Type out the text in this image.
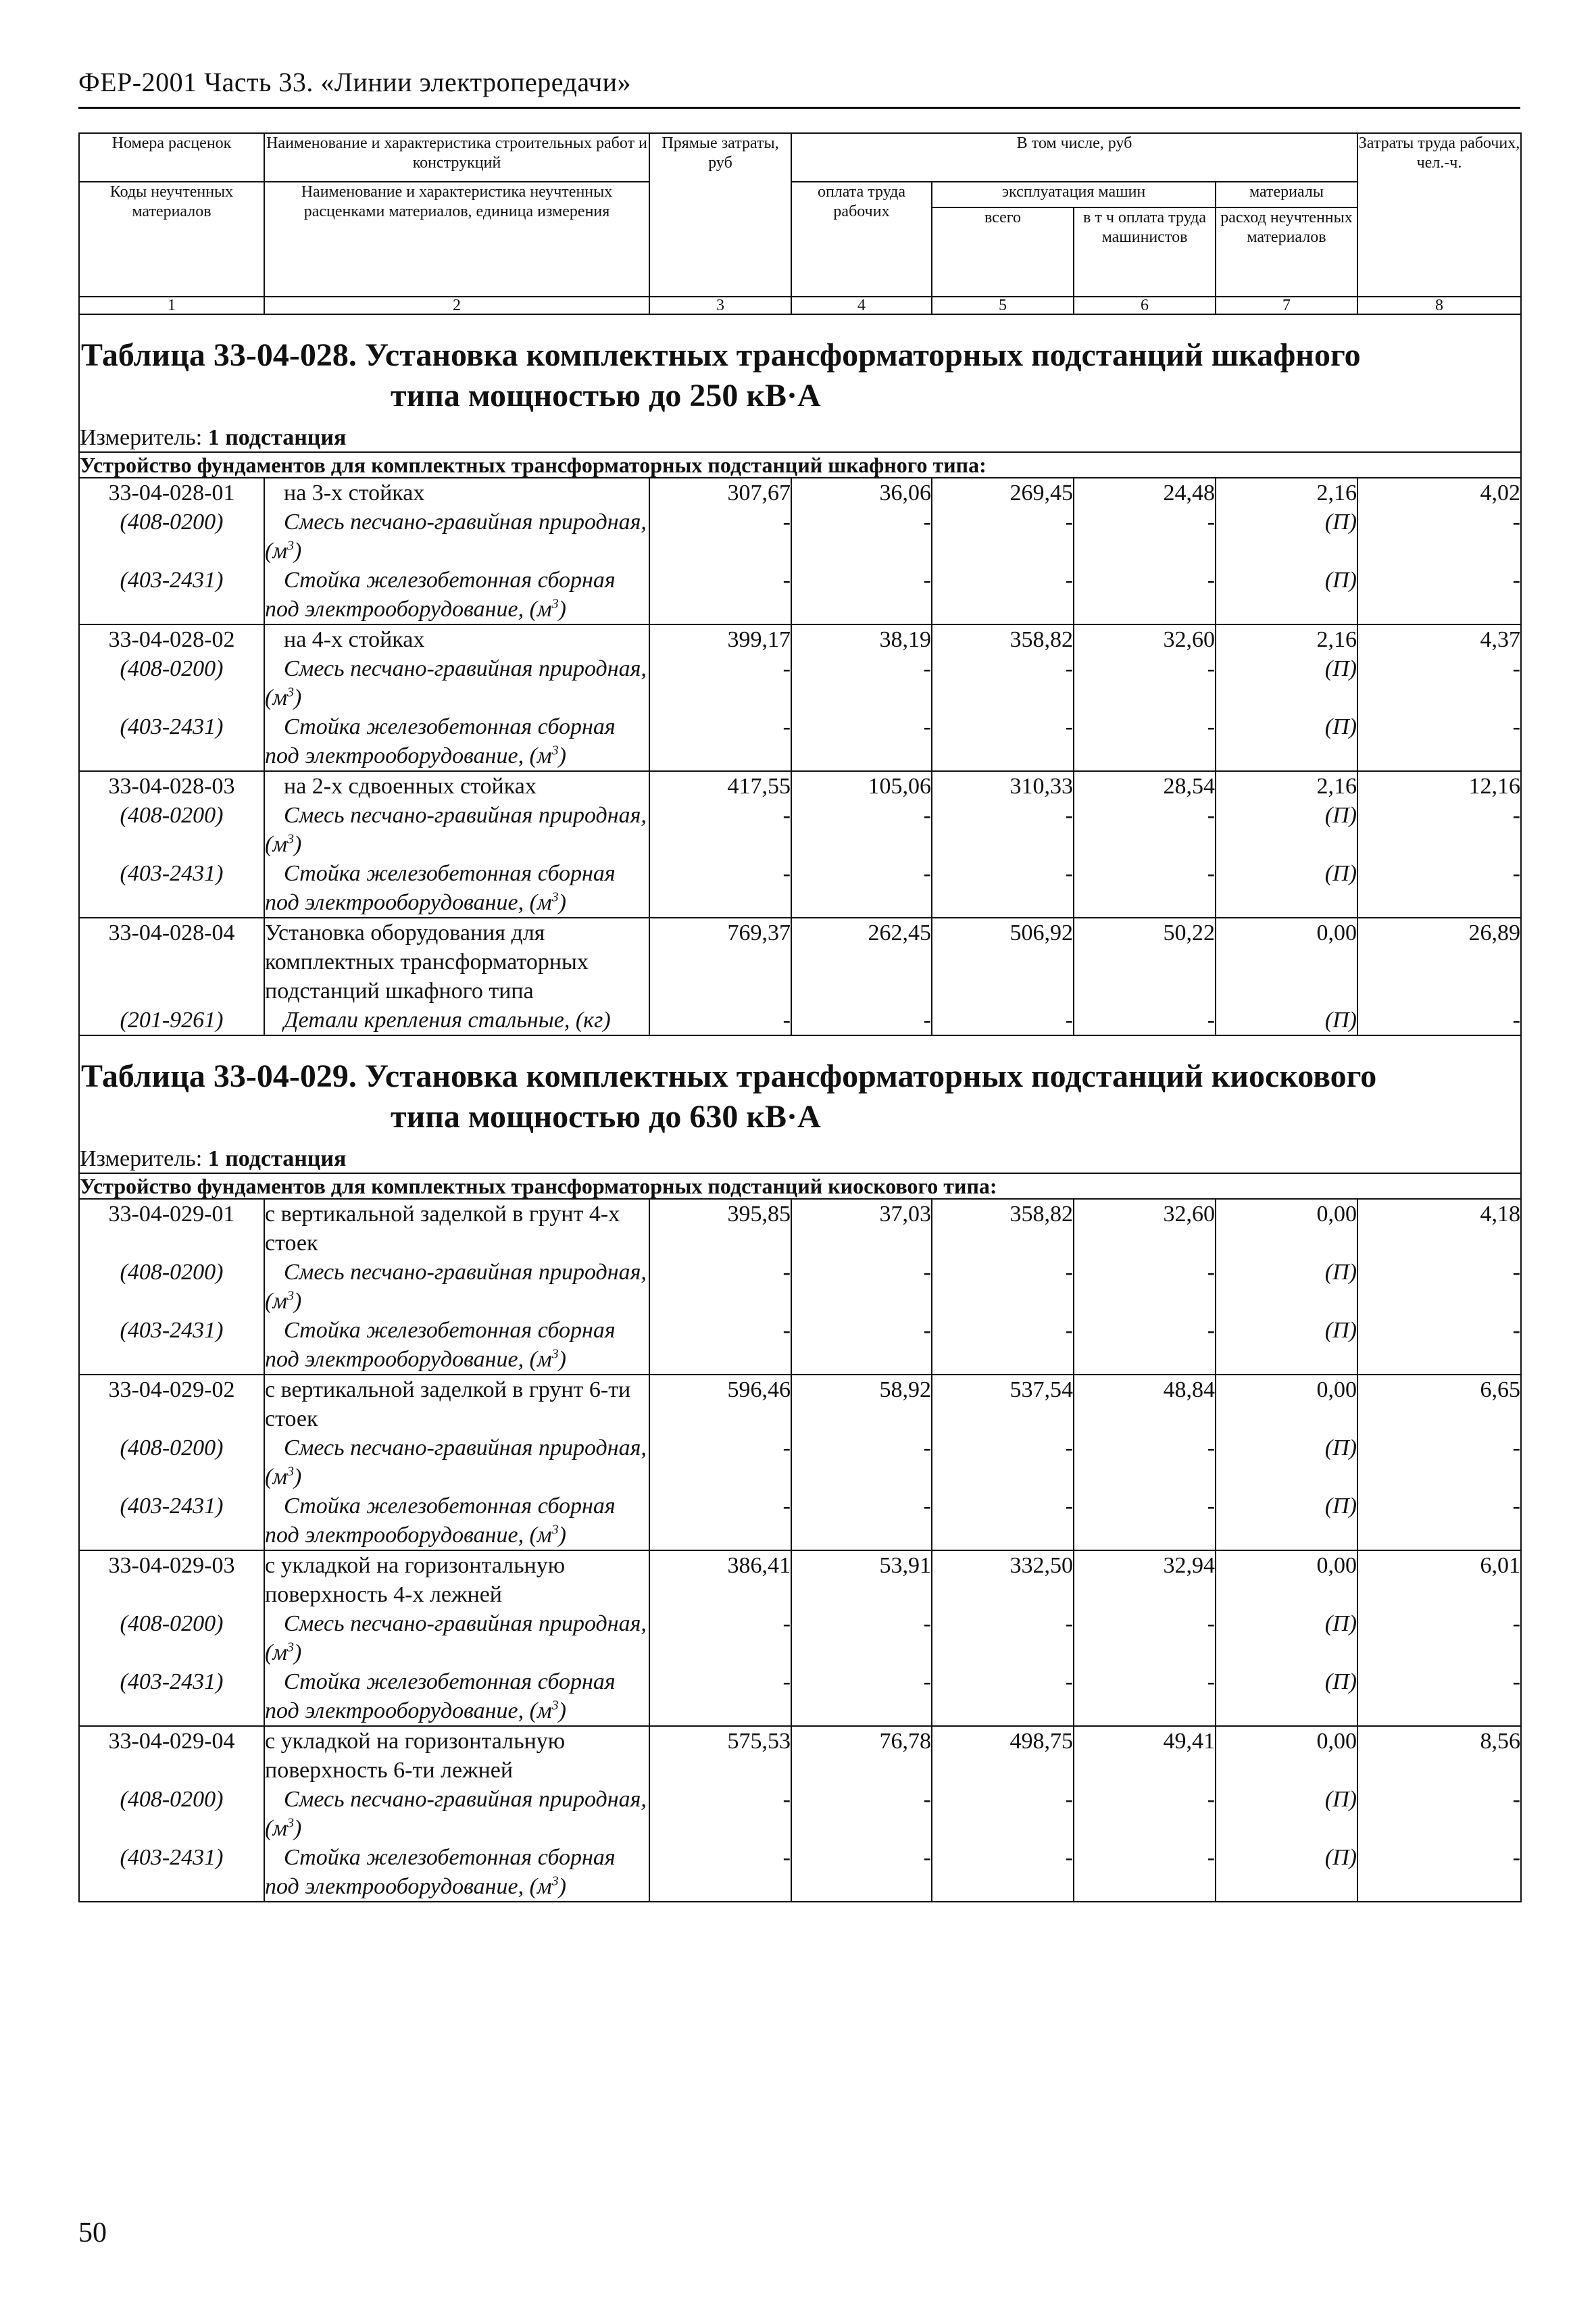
ФЕР-2001 Часть 33. «Линии электропередачи»
Номера расценок	Наименование и характеристика строительных работ и конструкций	Прямые затраты, руб	В том числе, руб				Затраты труда рабочих, чел.-ч.
Коды неучтенных материалов	Наименование и характеристика неучтенных расценками материалов, единица измерения		оплата труда рабочих	эксплуатация машин		материалы	
				всего	в т ч оплата труда машинистов	расход неучтенных материалов	
1	2	3	4	5	6	7	8

Таблица 33-04-028. Установка комплектных трансформаторных подстанций шкафного
типа мощностью до 250 кВ·А							

Измеритель: 1 подстанция							
Устройство фундаментов для комплектных трансформаторных подстанций шкафного типа:							
33-04-028-01	на 3-х стойках	307,67	36,06	269,45	24,48	2,16	4,02
(408-0200)	Смесь песчано-гравийная природная, $(м^3)$	-	-	-	-	(П)	-
(403-2431)	Стойка железобетонная сборная под электрооборудование, $(м^3)$	-	-	-	-	(П)	-
33-04-028-02	на 4-х стойках	399,17	38,19	358,82	32,60	2,16	4,37
(408-0200)	Смесь песчано-гравийная природная, $(м^3)$	-	-	-	-	(П)	-
(403-2431)	Стойка железобетонная сборная под электрооборудование, $(м^3)$	-	-	-	-	(П)	-
33-04-028-03	на 2-х сдвоенных стойках	417,55	105,06	310,33	28,54	2,16	12,16
(408-0200)	Смесь песчано-гравийная природная, $(м^3)$	-	-	-	-	(П)	-
(403-2431)	Стойка железобетонная сборная под электрооборудование, $(м^3)$	-	-	-	-	(П)	-
33-04-028-04	Установка оборудования для комплектных трансформаторных подстанций шкафного типа	769,37	262,45	506,92	50,22	0,00	26,89
(201-9261)	Детали крепления стальные, (кг)	-	-	-	-	(П)	-

Таблица 33-04-029. Установка комплектных трансформаторных подстанций киоскового
типа мощностью до 630 кВ·А							

Измеритель: 1 подстанция							
Устройство фундаментов для комплектных трансформаторных подстанций киоскового типа:							
33-04-029-01	с вертикальной заделкой в грунт 4-х стоек	395,85	37,03	358,82	32,60	0,00	4,18
(408-0200)	Смесь песчано-гравийная природная, $(м^3)$	-	-	-	-	(П)	-
(403-2431)	Стойка железобетонная сборная под электрооборудование, $(м^3)$	-	-	-	-	(П)	-
33-04-029-02	с вертикальной заделкой в грунт 6-ти стоек	596,46	58,92	537,54	48,84	0,00	6,65
(408-0200)	Смесь песчано-гравийная природная, $(м^3)$	-	-	-	-	(П)	-
(403-2431)	Стойка железобетонная сборная под электрооборудование, $(м^3)$	-	-	-	-	(П)	-
33-04-029-03	с укладкой на горизонтальную поверхность 4-х лежней	386,41	53,91	332,50	32,94	0,00	6,01
(408-0200)	Смесь песчано-гравийная природная, $(м^3)$	-	-	-	-	(П)	-
(403-2431)	Стойка железобетонная сборная под электрооборудование, $(м^3)$	-	-	-	-	(П)	-
33-04-029-04	с укладкой на горизонтальную поверхность 6-ти лежней	575,53	76,78	498,75	49,41	0,00	8,56
(408-0200)	Смесь песчано-гравийная природная, $(м^3)$	-	-	-	-	(П)	-
(403-2431)	Стойка железобетонная сборная под электрооборудование, $(м^3)$	-	-	-	-	(П)	-
50
